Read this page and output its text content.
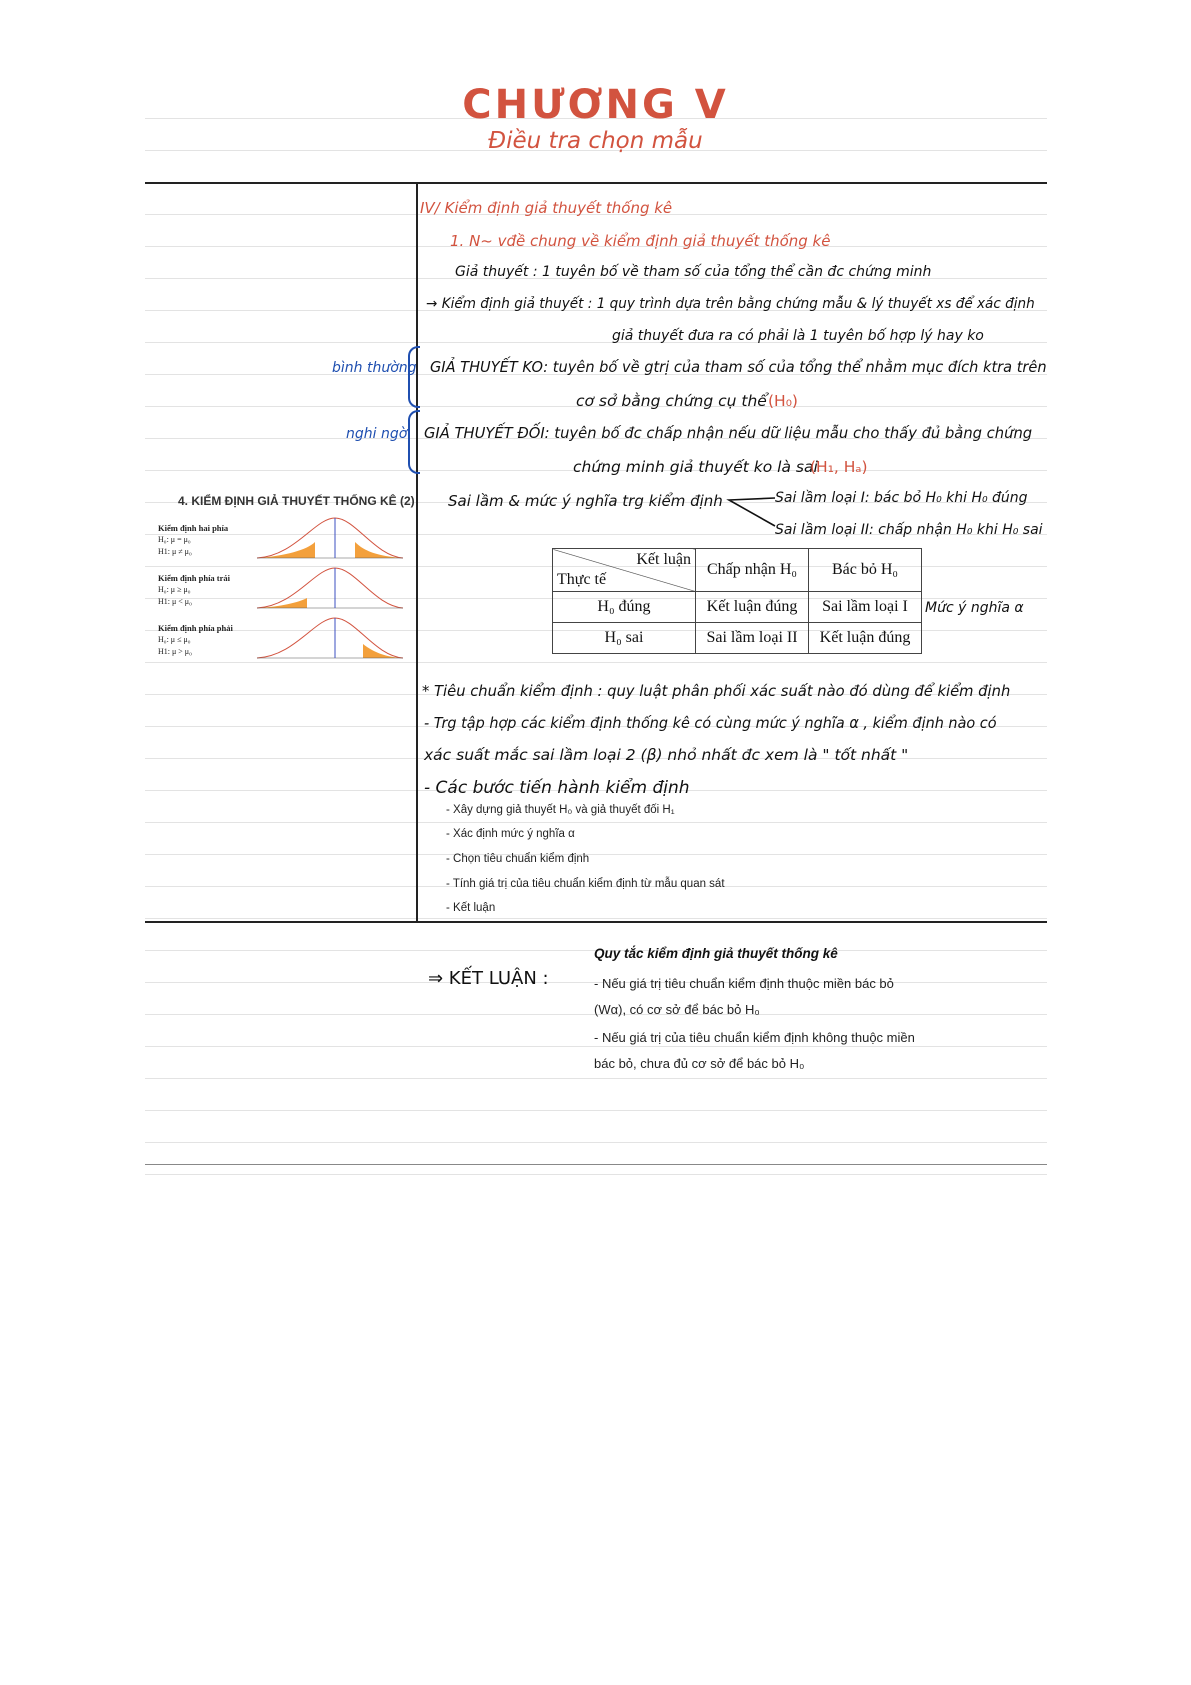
CHƯƠNG V
Điều tra chọn mẫu
IV/ Kiểm định giả thuyết thống kê
1. N~ vđề chung về kiểm định giả thuyết thống kê
Giả thuyết : 1 tuyên bố về tham số của tổng thể cần đc chứng minh
→ Kiểm định giả thuyết : 1 quy trình dựa trên bằng chứng mẫu & lý thuyết xs để xác định
giả thuyết đưa ra có phải là 1 tuyên bố hợp lý hay ko
bình thường GIẢ THUYẾT KO: tuyên bố về gtrị của tham số của tổng thể nhằm mục đích ktra trên
cơ sở bằng chứng cụ thể (H₀)
nghi ngờ GIẢ THUYẾT ĐỐI: tuyên bố đc chấp nhận nếu dữ liệu mẫu cho thấy đủ bằng chứng
chứng minh giả thuyết ko là sai
(H₁, Hₐ)
Sai lầm & mức ý nghĩa trg kiểm định	Sai lầm loại I: bác bỏ H₀ khi H₀ đúng
Sai lầm loại II: chấp nhận H₀ khi H₀ sai
Mức ý nghĩa α
Kết luận
Thực tế	Chấp nhận H₀	Bác bỏ H₀
H₀ đúng	Kết luận đúng	Sai lầm loại I
H₀ sai	Sai lầm loại II	Kết luận đúng
4. KIỂM ĐỊNH GIẢ THUYẾT THỐNG KÊ (2)
Kiểm định hai phía
H₀: μ = μ₀
H1: μ ≠ μ₀
Kiểm định phía trái
H₀: μ ≥ μ₀
H1: μ < μ₀
Kiểm định phía phải
H₀: μ ≤ μ₀
H1: μ > μ₀
* Tiêu chuẩn kiểm định : quy luật phân phối xác suất nào đó dùng để kiểm định
- Trg tập hợp các kiểm định thống kê có cùng mức ý nghĩa α , kiểm định nào có
xác suất mắc sai lầm loại 2 (β) nhỏ nhất đc xem là " tốt nhất "
- Các bước tiến hành kiểm định
- Xây dựng giả thuyết H₀ và giả thuyết đối H₁
- Xác định mức ý nghĩa α
- Chọn tiêu chuẩn kiểm định
- Tính giá trị của tiêu chuẩn kiểm định từ mẫu quan sát
- Kết luận
⇒ KẾT LUẬN :
Quy tắc kiểm định giả thuyết thống kê
- Nếu giá trị tiêu chuẩn kiểm định thuộc miền bác bỏ
(Wα), có cơ sở để bác bỏ H₀
- Nếu giá trị của tiêu chuẩn kiểm định không thuộc miền
bác bỏ, chưa đủ cơ sở để bác bỏ H₀
